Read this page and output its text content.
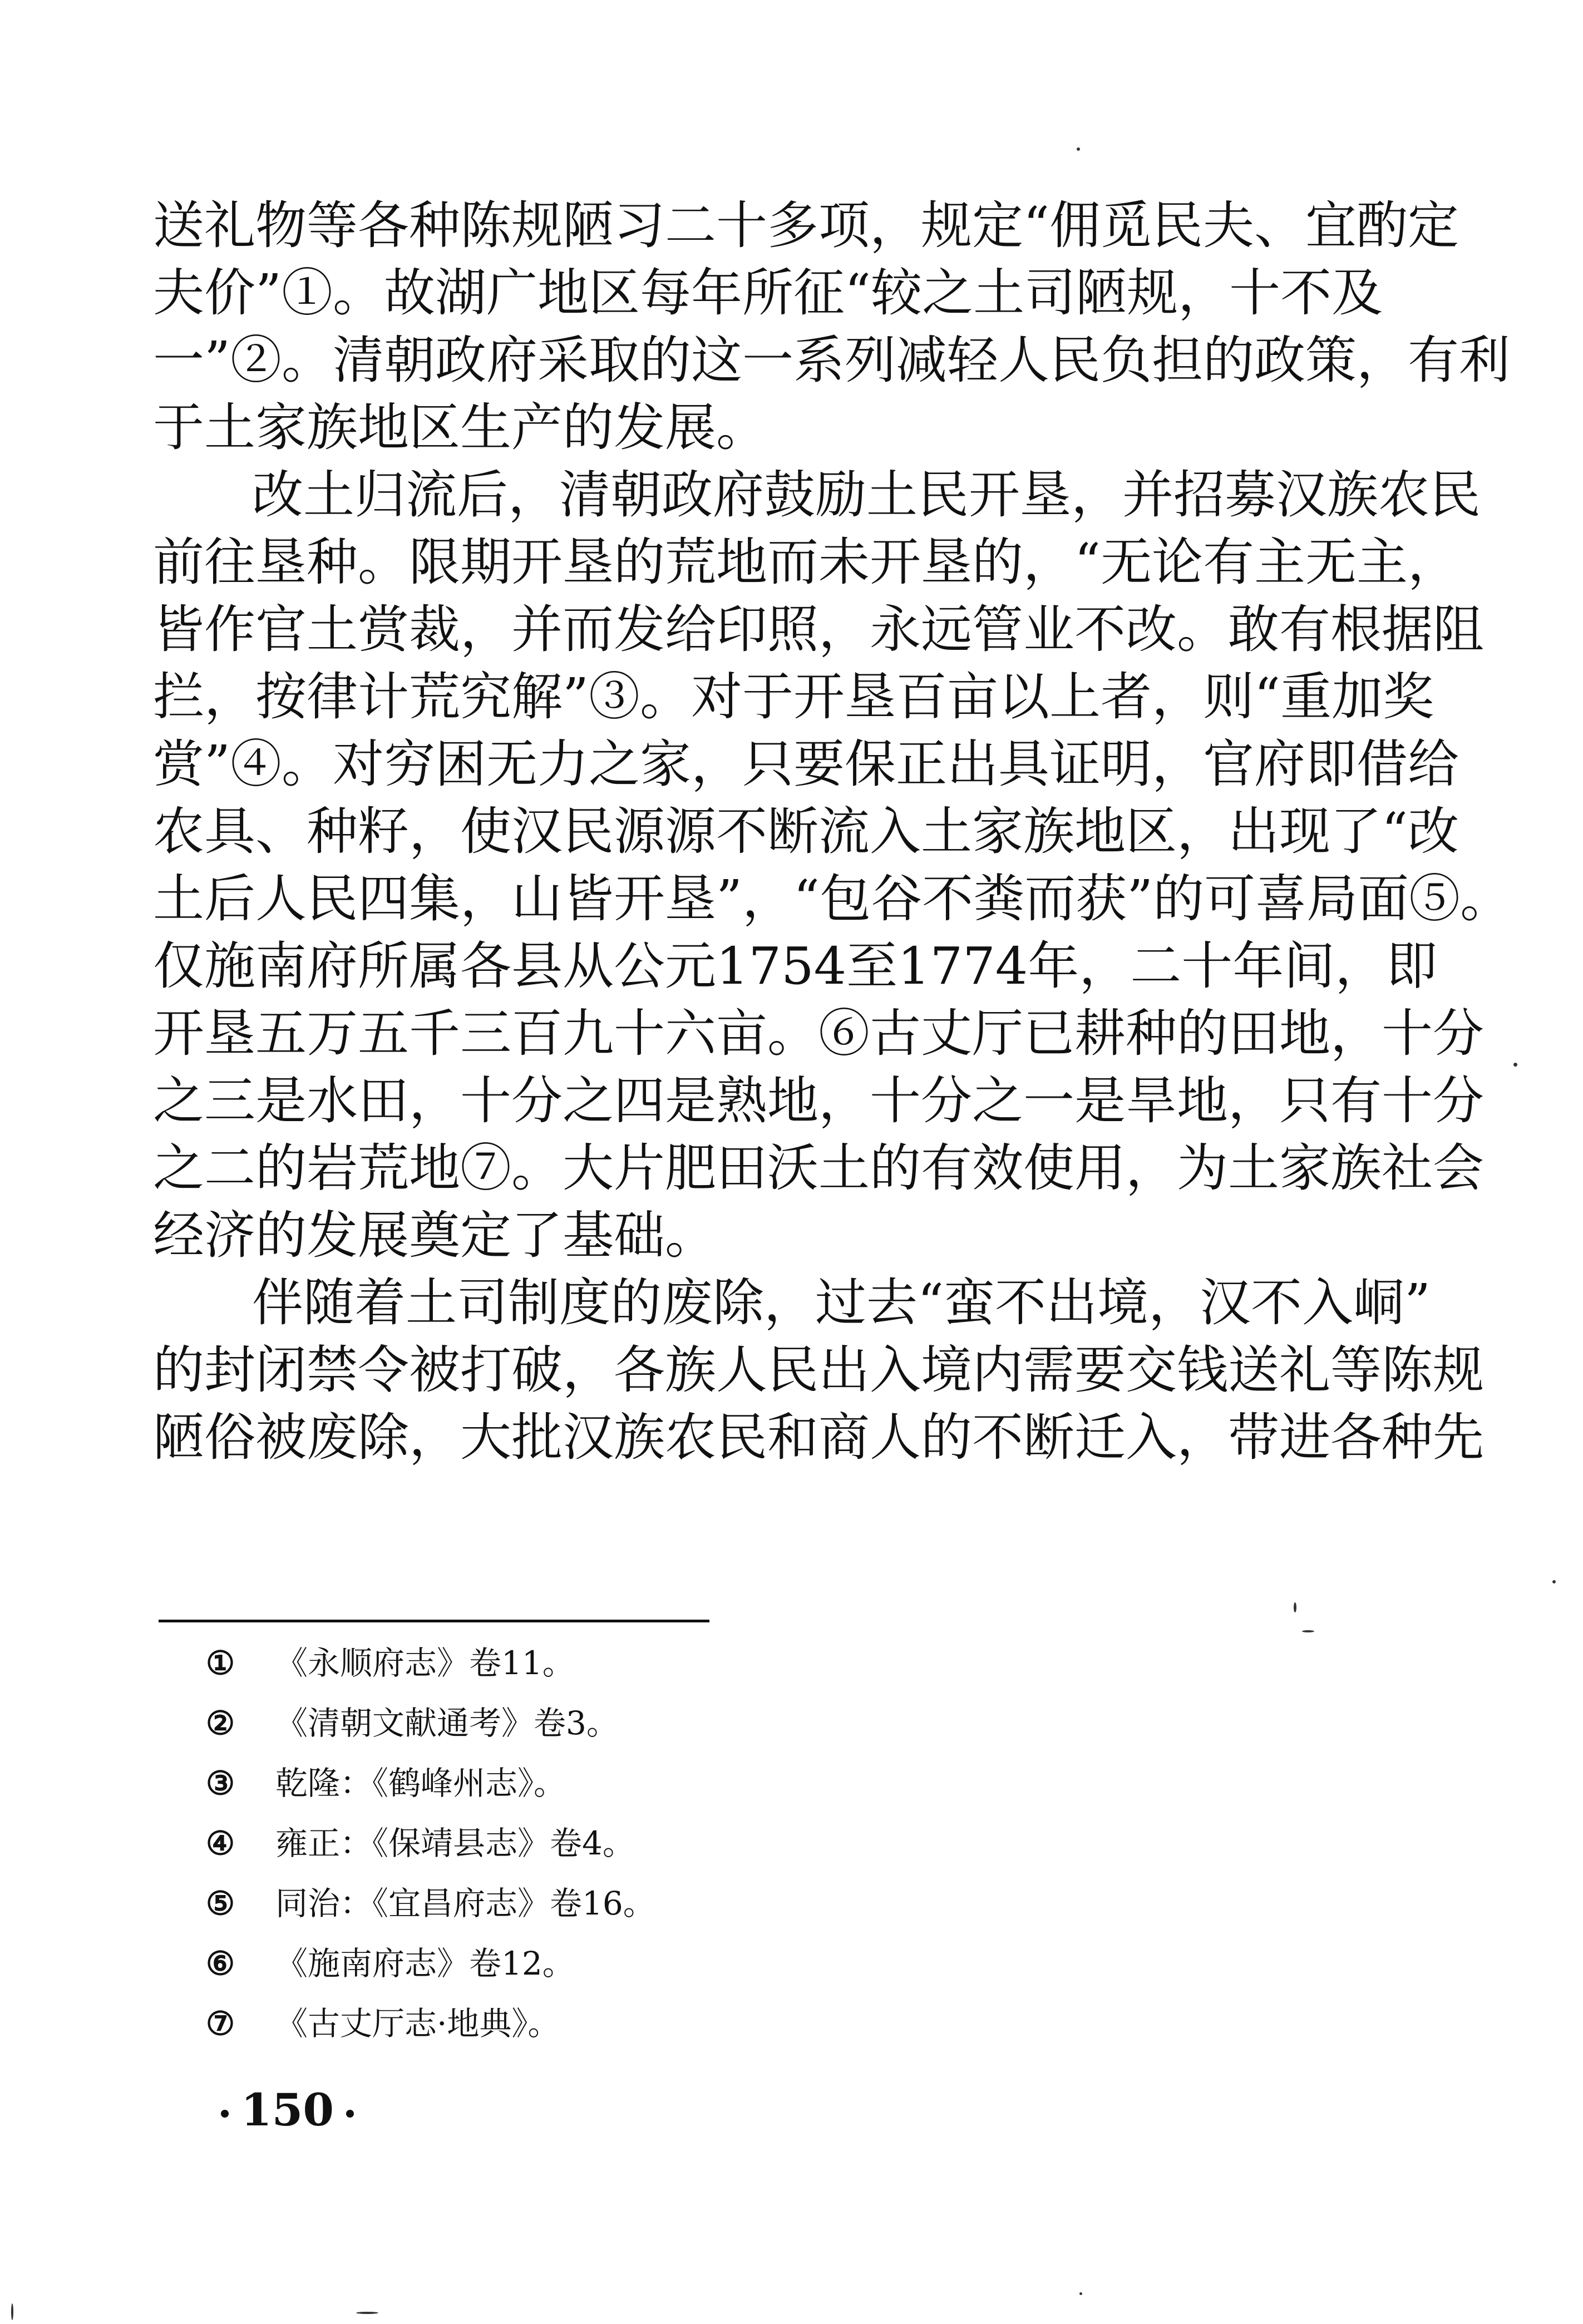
送礼物等各种陈规陋习二十多项，规定“佣觅民夫、宜酌定
夫价”①。故湖广地区每年所征“较之土司陋规，十不及
一”②。清朝政府采取的这一系列减轻人民负担的政策，有利
于土家族地区生产的发展。
改土归流后，清朝政府鼓励土民开垦，并招募汉族农民
前往垦种。限期开垦的荒地而未开垦的，“无论有主无主，
皆作官土赏裁，并而发给印照，永远管业不改。敢有根据阻
拦，按律计荒究解”③。对于开垦百亩以上者，则“重加奖
赏”④。对穷困无力之家，只要保正出具证明，官府即借给
农具、种籽，使汉民源源不断流入土家族地区，出现了“改
土后人民四集，山皆开垦”，“包谷不粪而获”的可喜局面⑤。
仅施南府所属各县从公元1754至1774年，二十年间，即
开垦五万五千三百九十六亩。⑥古丈厅已耕种的田地，十分
之三是水田，十分之四是熟地，十分之一是旱地，只有十分
之二的岩荒地⑦。大片肥田沃土的有效使用，为土家族社会
经济的发展奠定了基础。
伴随着土司制度的废除，过去“蛮不出境，汉不入峒”
的封闭禁令被打破，各族人民出入境内需要交钱送礼等陈规
陋俗被废除，大批汉族农民和商人的不断迁入，带进各种先
① 《永顺府志》卷11。
② 《清朝文献通考》卷3。
③ 乾隆：《鹤峰州志》。
④ 雍正：《保靖县志》卷4。
⑤ 同治：《宜昌府志》卷16。
⑥ 《施南府志》卷12。
⑦ 《古丈厅志·地典》。
150
